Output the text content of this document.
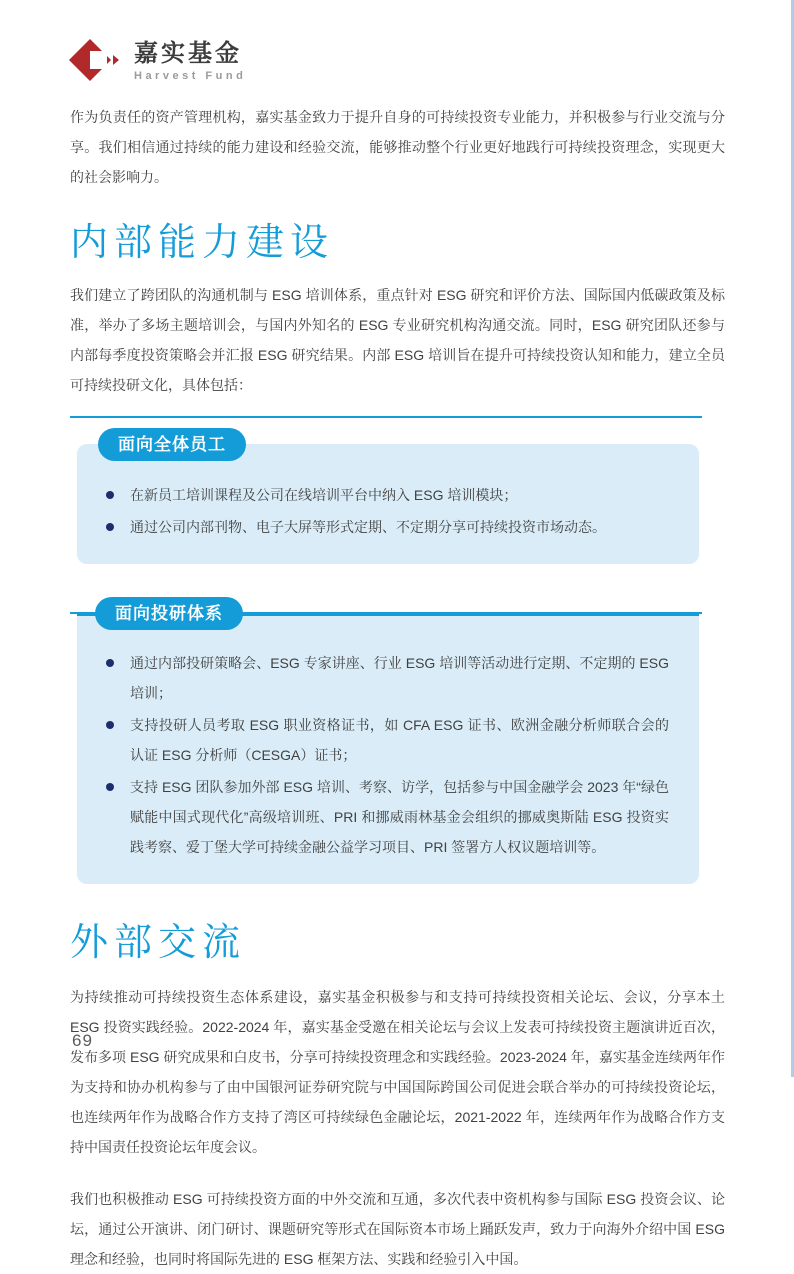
嘉实基金
Harvest Fund

作为负责任的资产管理机构，嘉实基金致力于提升自身的可持续投资专业能力，并积极参与行业交流与分享。我们相信通过持续的能力建设和经验交流，能够推动整个行业更好地践行可持续投资理念，实现更大的社会影响力。

内部能力建设

我们建立了跨团队的沟通机制与 ESG 培训体系，重点针对 ESG 研究和评价方法、国际国内低碳政策及标准，举办了多场主题培训会，与国内外知名的 ESG 专业研究机构沟通交流。同时，ESG 研究团队还参与内部每季度投资策略会并汇报 ESG 研究结果。内部 ESG 培训旨在提升可持续投资认知和能力，建立全员可持续投研文化，具体包括：

面向全体员工
在新员工培训课程及公司在线培训平台中纳入 ESG 培训模块；
通过公司内部刊物、电子大屏等形式定期、不定期分享可持续投资市场动态。
面向投研体系
通过内部投研策略会、ESG 专家讲座、行业 ESG 培训等活动进行定期、不定期的 ESG 培训；
支持投研人员考取 ESG 职业资格证书，如 CFA ESG 证书、欧洲金融分析师联合会的认证 ESG 分析师（CESGA）证书；
支持 ESG 团队参加外部 ESG 培训、考察、访学，包括参与中国金融学会 2023 年“绿色赋能中国式现代化”高级培训班、PRI 和挪威雨林基金会组织的挪威奥斯陆 ESG 投资实践考察、爱丁堡大学可持续金融公益学习项目、PRI 签署方人权议题培训等。
外部交流

为持续推动可持续投资生态体系建设，嘉实基金积极参与和支持可持续投资相关论坛、会议，分享本土 ESG 投资实践经验。2022-2024 年，嘉实基金受邀在相关论坛与会议上发表可持续投资主题演讲近百次，发布多项 ESG 研究成果和白皮书，分享可持续投资理念和实践经验。2023-2024 年，嘉实基金连续两年作为支持和协办机构参与了由中国银河证券研究院与中国国际跨国公司促进会联合举办的可持续投资论坛，也连续两年作为战略合作方支持了湾区可持续绿色金融论坛，2021-2022 年，连续两年作为战略合作方支持中国责任投资论坛年度会议。

我们也积极推动 ESG 可持续投资方面的中外交流和互通，多次代表中资机构参与国际 ESG 投资会议、论坛，通过公开演讲、闭门研讨、课题研究等形式在国际资本市场上踊跃发声，致力于向海外介绍中国 ESG 理念和经验，也同时将国际先进的 ESG 框架方法、实践和经验引入中国。

69
